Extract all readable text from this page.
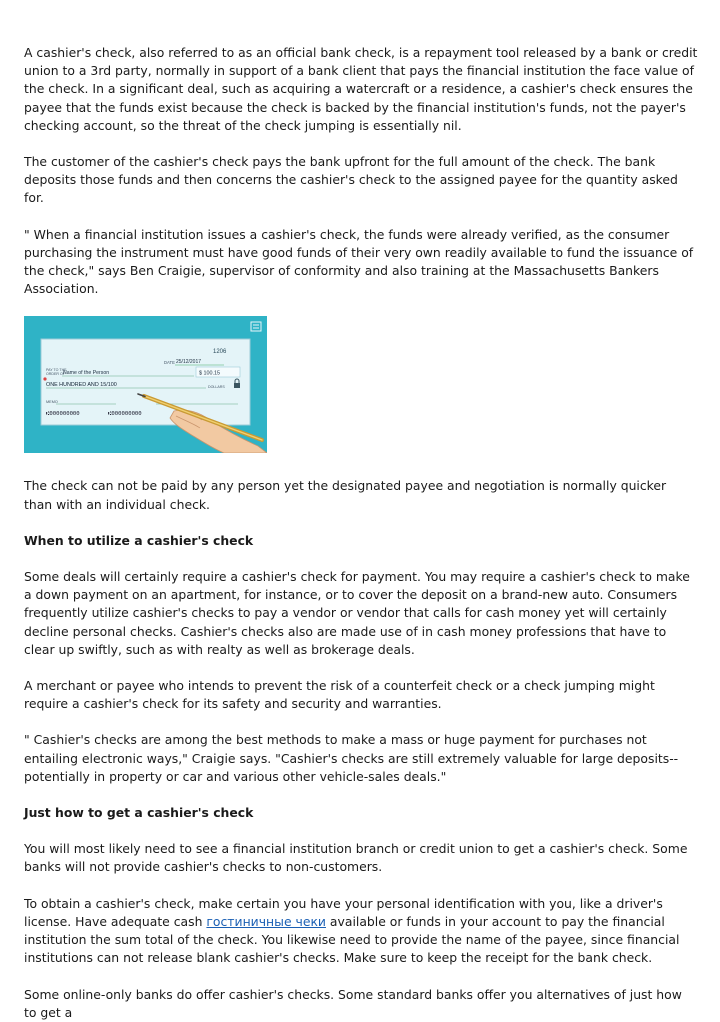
A cashier's check, also referred to as an official bank check, is a repayment tool released by a bank or credit union to a 3rd party, normally in support of a bank client that pays the financial institution the face value of the check. In a significant deal, such as acquiring a watercraft or a residence, a cashier's check ensures the payee that the funds exist because the check is backed by the financial institution's funds, not the payer's checking account, so the threat of the check jumping is essentially nil.

The customer of the cashier's check pays the bank upfront for the full amount of the check. The bank deposits those funds and then concerns the cashier's check to the assigned payee for the quantity asked for.

" When a financial institution issues a cashier's check, the funds were already verified, as the consumer purchasing the instrument must have good funds of their very own readily available to fund the issuance of the check," says Ben Craigie, supervisor of conformity and also training at the Massachusetts Bankers Association.

1206
DATE 25/12/2017
PAY TO THE
ORDER OF
Name of the Person	$ 100.15
ONE HUNDRED AND 15/100	DOLLARS
MEMO
⑆000000000	⑆000000000

The check can not be paid by any person yet the designated payee and negotiation is normally quicker than with an individual check.

When to utilize a cashier's check

Some deals will certainly require a cashier's check for payment. You may require a cashier's check to make a down payment on an apartment, for instance, or to cover the deposit on a brand-new auto. Consumers frequently utilize cashier's checks to pay a vendor or vendor that calls for cash money yet will certainly decline personal checks. Cashier's checks also are made use of in cash money professions that have to clear up swiftly, such as with realty as well as brokerage deals.

A merchant or payee who intends to prevent the risk of a counterfeit check or a check jumping might require a cashier's check for its safety and security and warranties.

" Cashier's checks are among the best methods to make a mass or huge payment for purchases not entailing electronic ways," Craigie says. "Cashier's checks are still extremely valuable for large deposits-- potentially in property or car and various other vehicle-sales deals."

Just how to get a cashier's check

You will most likely need to see a financial institution branch or credit union to get a cashier's check. Some banks will not provide cashier's checks to non-customers.

To obtain a cashier's check, make certain you have your personal identification with you, like a driver's license. Have adequate cash гостиничные чеки available or funds in your account to pay the financial institution the sum total of the check. You likewise need to provide the name of the payee, since financial institutions can not release blank cashier's checks. Make sure to keep the receipt for the bank check.

Some online-only banks do offer cashier's checks. Some standard banks offer you alternatives of just how to get a
